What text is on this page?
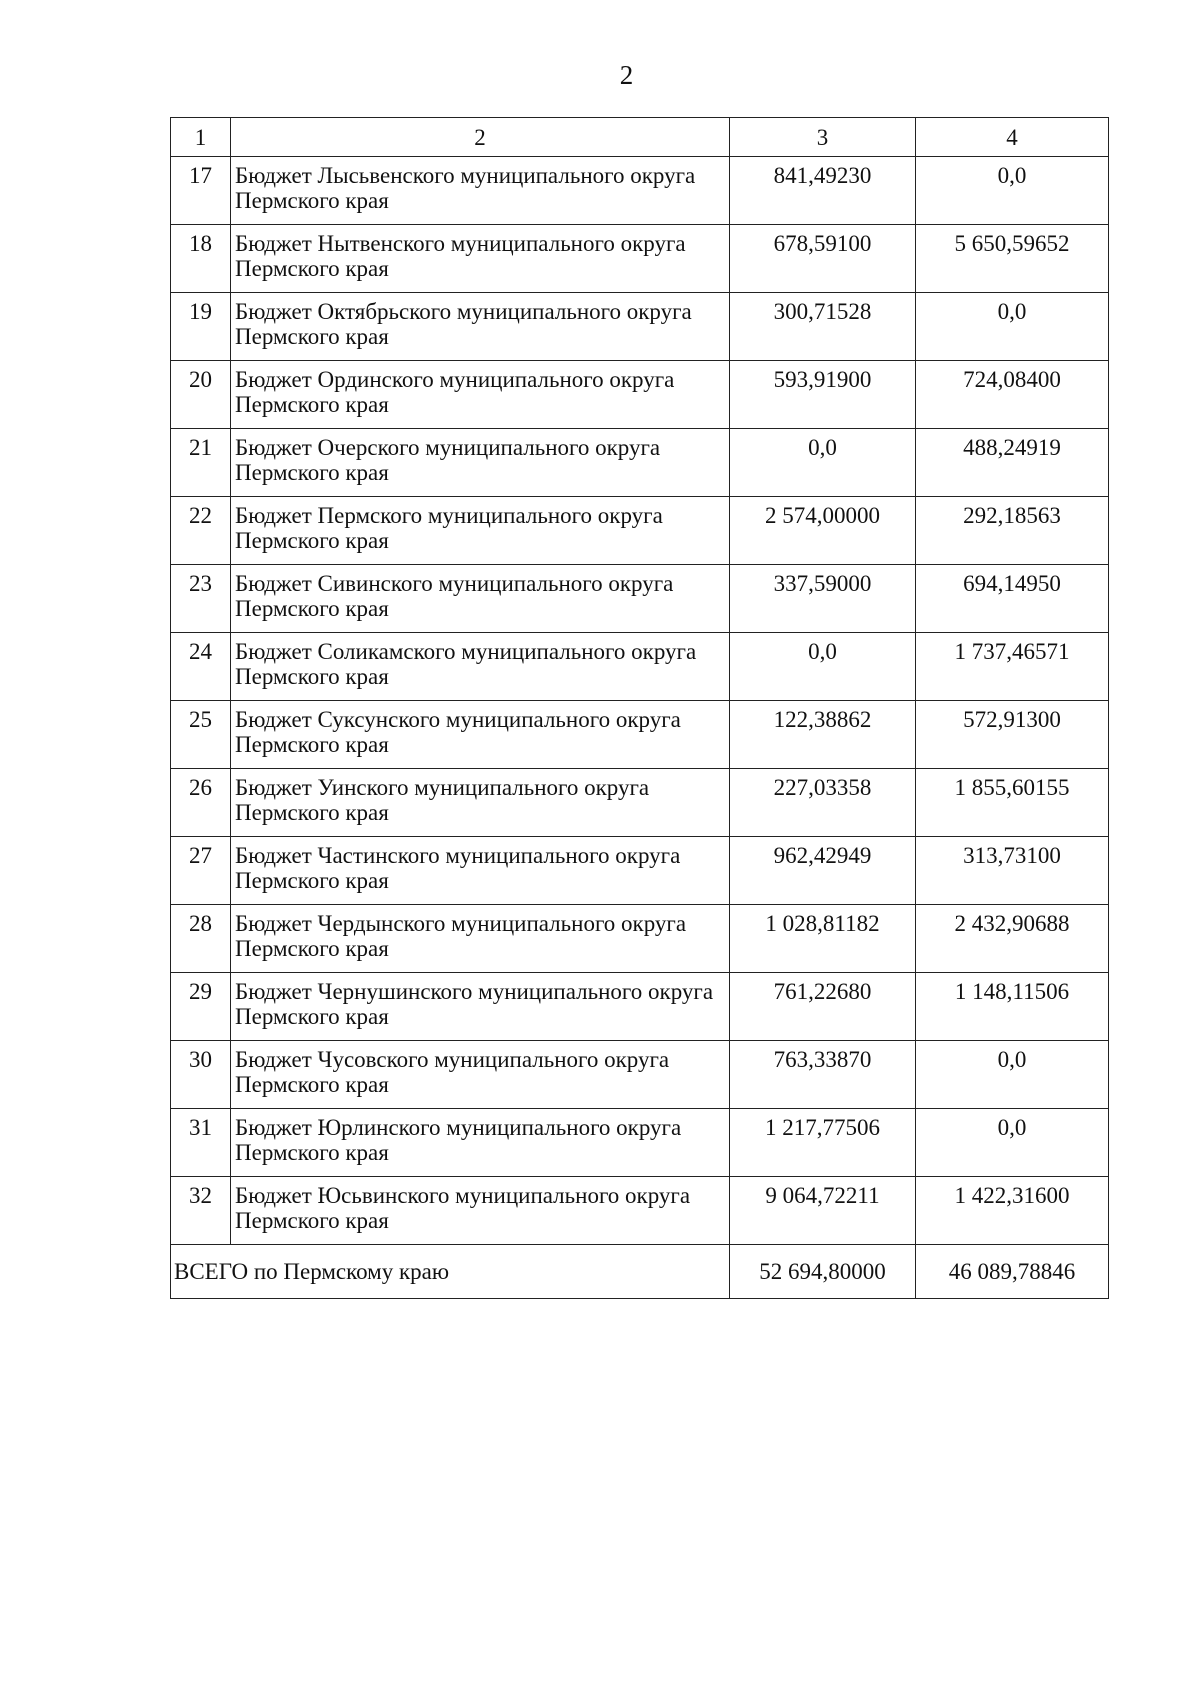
2
1	2	3	4
17	Бюджет Лысьвенского муниципального округа Пермского края	841,49230	0,0
18	Бюджет Нытвенского муниципального округа Пермского края	678,59100	5 650,59652
19	Бюджет Октябрьского муниципального округа Пермского края	300,71528	0,0
20	Бюджет Ординского муниципального округа Пермского края	593,91900	724,08400
21	Бюджет Очерского муниципального округа Пермского края	0,0	488,24919
22	Бюджет Пермского муниципального округа Пермского края	2 574,00000	292,18563
23	Бюджет Сивинского муниципального округа Пермского края	337,59000	694,14950
24	Бюджет Соликамского муниципального округа Пермского края	0,0	1 737,46571
25	Бюджет Суксунского муниципального округа Пермского края	122,38862	572,91300
26	Бюджет Уинского муниципального округа Пермского края	227,03358	1 855,60155
27	Бюджет Частинского муниципального округа Пермского края	962,42949	313,73100
28	Бюджет Чердынского муниципального округа Пермского края	1 028,81182	2 432,90688
29	Бюджет Чернушинского муниципального округа Пермского края	761,22680	1 148,11506
30	Бюджет Чусовского муниципального округа Пермского края	763,33870	0,0
31	Бюджет Юрлинского муниципального округа Пермского края	1 217,77506	0,0
32	Бюджет Юсьвинского муниципального округа Пермского края	9 064,72211	1 422,31600
ВСЕГО по Пермскому краю		52 694,80000	46 089,78846
